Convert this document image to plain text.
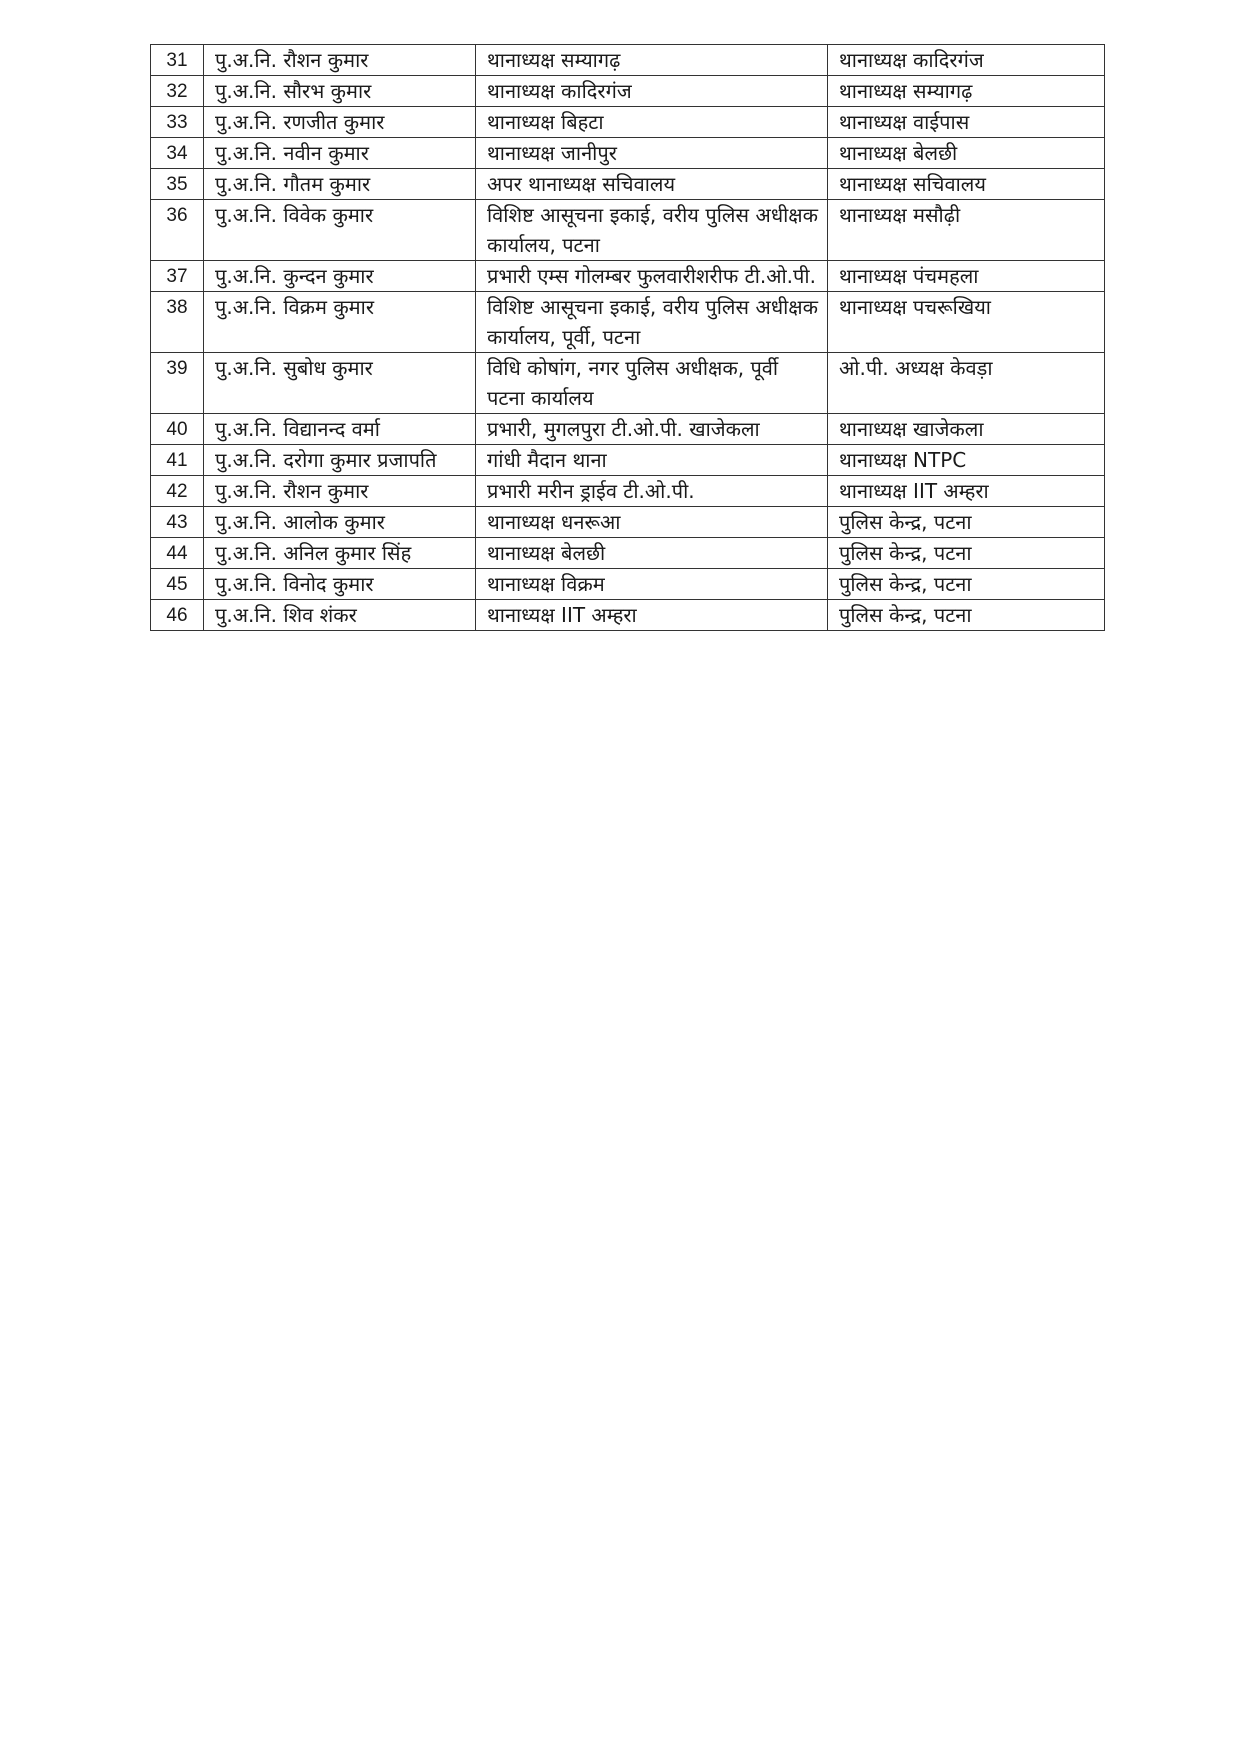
31	पु.अ.नि. रौशन कुमार	थानाध्यक्ष सम्यागढ़	थानाध्यक्ष कादिरगंज
32	पु.अ.नि. सौरभ कुमार	थानाध्यक्ष कादिरगंज	थानाध्यक्ष सम्यागढ़
33	पु.अ.नि. रणजीत कुमार	थानाध्यक्ष बिहटा	थानाध्यक्ष वाईपास
34	पु.अ.नि. नवीन कुमार	थानाध्यक्ष जानीपुर	थानाध्यक्ष बेलछी
35	पु.अ.नि. गौतम कुमार	अपर थानाध्यक्ष सचिवालय	थानाध्यक्ष सचिवालय
36	पु.अ.नि. विवेक कुमार	विशिष्ट आसूचना इकाई, वरीय पुलिस अधीक्षक कार्यालय, पटना	थानाध्यक्ष मसौढ़ी
37	पु.अ.नि. कुन्दन कुमार	प्रभारी एम्स गोलम्बर फुलवारीशरीफ टी.ओ.पी.	थानाध्यक्ष पंचमहला
38	पु.अ.नि. विक्रम कुमार	विशिष्ट आसूचना इकाई, वरीय पुलिस अधीक्षक कार्यालय, पूर्वी, पटना	थानाध्यक्ष पचरूखिया
39	पु.अ.नि. सुबोध कुमार	विधि कोषांग, नगर पुलिस अधीक्षक, पूर्वी पटना कार्यालय	ओ.पी. अध्यक्ष केवड़ा
40	पु.अ.नि. विद्यानन्द वर्मा	प्रभारी, मुगलपुरा टी.ओ.पी. खाजेकला	थानाध्यक्ष खाजेकला
41	पु.अ.नि. दरोगा कुमार प्रजापति	गांधी मैदान थाना	थानाध्यक्ष NTPC
42	पु.अ.नि. रौशन कुमार	प्रभारी मरीन ड्राईव टी.ओ.पी.	थानाध्यक्ष IIT अम्हरा
43	पु.अ.नि. आलोक कुमार	थानाध्यक्ष धनरूआ	पुलिस केन्द्र, पटना
44	पु.अ.नि. अनिल कुमार सिंह	थानाध्यक्ष बेलछी	पुलिस केन्द्र, पटना
45	पु.अ.नि. विनोद कुमार	थानाध्यक्ष विक्रम	पुलिस केन्द्र, पटना
46	पु.अ.नि. शिव शंकर	थानाध्यक्ष IIT अम्हरा	पुलिस केन्द्र, पटना
